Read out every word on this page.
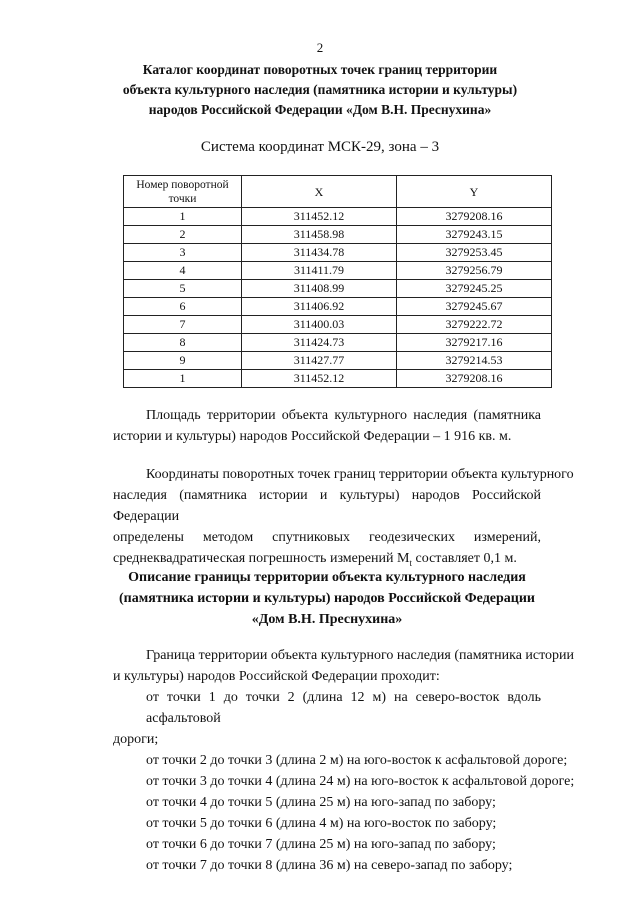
2
Каталог координат поворотных точек границ территории
объекта культурного наследия (памятника истории и культуры)
народов Российской Федерации «Дом В.Н. Преснухина»
Система координат МСК-29, зона – 3
Номер поворотной точки	X	Y
1	311452.12	3279208.16
2	311458.98	3279243.15
3	311434.78	3279253.45
4	311411.79	3279256.79
5	311408.99	3279245.25
6	311406.92	3279245.67
7	311400.03	3279222.72
8	311424.73	3279217.16
9	311427.77	3279214.53
1	311452.12	3279208.16
Площадь территории объекта культурного наследия (памятника
истории и культуры) народов Российской Федерации – 1 916 кв. м.
Координаты поворотных точек границ территории объекта культурного
наследия (памятника истории и культуры) народов Российской Федерации
определены методом спутниковых геодезических измерений,
среднеквадратическая погрешность измерений $M_t$ составляет 0,1 м.
Описание границы территории объекта культурного наследия
(памятника истории и культуры) народов Российской Федерации
«Дом В.Н. Преснухина»
Граница территории объекта культурного наследия (памятника истории
и культуры) народов Российской Федерации проходит:
от точки 1 до точки 2 (длина 12 м) на северо-восток вдоль асфальтовой
дороги;
от точки 2 до точки 3 (длина 2 м) на юго-восток к асфальтовой дороге;
от точки 3 до точки 4 (длина 24 м) на юго-восток к асфальтовой дороге;
от точки 4 до точки 5 (длина 25 м) на юго-запад по забору;
от точки 5 до точки 6 (длина 4 м) на юго-восток по забору;
от точки 6 до точки 7 (длина 25 м) на юго-запад по забору;
от точки 7 до точки 8 (длина 36 м) на северо-запад по забору;
